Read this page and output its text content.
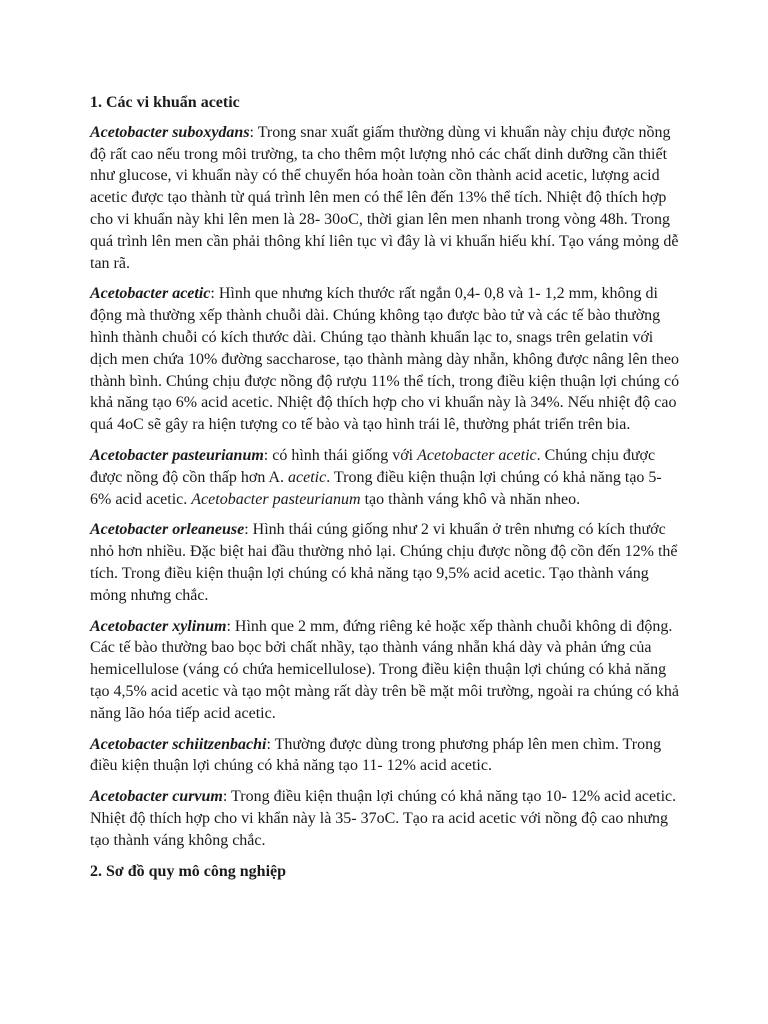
1. Các vi khuẩn acetic

Acetobacter suboxydans: Trong snar xuất giấm thường dùng vi khuẩn này chịu được nồng độ rất cao nếu trong môi trường, ta cho thêm một lượng nhỏ các chất dinh dưỡng cần thiết như glucose, vi khuẩn này có thể chuyển hóa hoàn toàn cồn thành acid acetic, lượng acid acetic được tạo thành từ quá trình lên men có thể lên đến 13% thể tích. Nhiệt độ thích hợp cho vi khuẩn này khi lên men là 28- 30oC, thời gian lên men nhanh trong vòng 48h. Trong quá trình lên men cần phải thông khí liên tục vì đây là vi khuẩn hiếu khí. Tạo váng mỏng dễ tan rã.

Acetobacter acetic: Hình que nhưng kích thước rất ngắn 0,4- 0,8 và 1- 1,2 mm, không di động mà thường xếp thành chuỗi dài. Chúng không tạo được bào tử và các tế bào thường hình thành chuỗi có kích thước dài. Chúng tạo thành khuẩn lạc to, snags trên gelatin với dịch men chứa 10% đường saccharose, tạo thành màng dày nhẵn, không được nâng lên theo thành bình. Chúng chịu được nồng độ rượu 11% thể tích, trong điều kiện thuận lợi chúng có khả năng tạo 6% acid acetic. Nhiệt độ thích hợp cho vi khuẩn này là 34%. Nếu nhiệt độ cao quá 4oC sẽ gây ra hiện tượng co tế bào và tạo hình trái lê, thường phát triển trên bia.

Acetobacter pasteurianum: có hình thái giống với Acetobacter acetic. Chúng chịu được được nồng độ cồn thấp hơn A. acetic. Trong điều kiện thuận lợi chúng có khả năng tạo 5- 6% acid acetic. Acetobacter pasteurianum tạo thành váng khô và nhăn nheo.

Acetobacter orleaneuse: Hình thái cúng giống như 2 vi khuẩn ở trên nhưng có kích thước nhỏ hơn nhiều. Đặc biệt hai đầu thường nhỏ lại. Chúng chịu được nồng độ cồn đến 12% thể tích. Trong điều kiện thuận lợi chúng có khả năng tạo 9,5% acid acetic. Tạo thành váng mỏng nhưng chắc.

Acetobacter xylinum: Hình que 2 mm, đứng riêng kẻ hoặc xếp thành chuỗi không di động. Các tế bào thường bao bọc bởi chất nhầy, tạo thành váng nhẵn khá dày và phản ứng của hemicellulose (váng có chứa hemicellulose). Trong điều kiện thuận lợi chúng có khả năng tạo 4,5% acid acetic và tạo một màng rất dày trên bề mặt môi trường, ngoài ra chúng có khả năng lão hóa tiếp acid acetic.

Acetobacter schiitzenbachi: Thường được dùng trong phương pháp lên men chìm. Trong điều kiện thuận lợi chúng có khả năng tạo 11- 12% acid acetic.

Acetobacter curvum: Trong điều kiện thuận lợi chúng có khả năng tạo 10- 12% acid acetic. Nhiệt độ thích hợp cho vi khẩn này là 35- 37oC. Tạo ra acid acetic với nồng độ cao nhưng tạo thành váng không chắc.

2. Sơ đồ quy mô công nghiệp
